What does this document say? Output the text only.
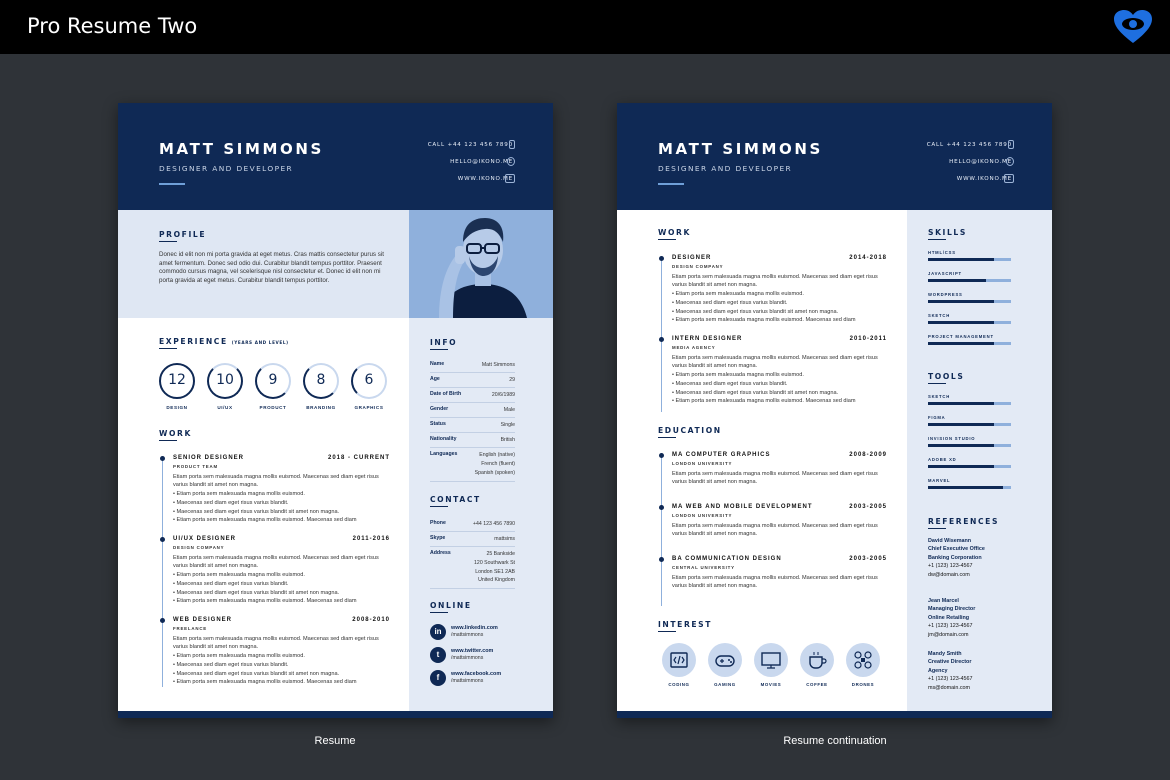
Pro Resume Two
MATT SIMMONS
DESIGNER AND DEVELOPER
CALL +44 123 456 7890
HELLO@IKONO.ME
WWW.IKONO.ME
PROFILE
Donec id elit non mi porta gravida at eget metus. Cras mattis consectetur purus sit amet fermentum. Donec sed odio dui. Curabitur blandit tempus porttitor. Praesent commodo cursus magna, vel scelerisque nisl consectetur et. Donec id elit non mi porta gravida at eget metus. Curabitur blandit tempus porttitor.
EXPERIENCE (YEARS AND LEVEL)
12
DESIGN
10
UI/UX
9
PRODUCT
8
BRANDING
6
GRAPHICS
WORK
SENIOR DESIGNER	2018 - CURRENT
PRODUCT TEAM
Etiam porta sem malesuada magna mollis euismod. Maecenas sed diam eget risus varius blandit sit amet non magna.
• Etiam porta sem malesuada magna mollis euismod.
• Maecenas sed diam eget risus varius blandit.
• Maecenas sed diam eget risus varius blandit sit amet non magna.
• Etiam porta sem malesuada magna mollis euismod. Maecenas sed diam
UI/UX DESIGNER	2011-2016
DESIGN COMPANY
Etiam porta sem malesuada magna mollis euismod. Maecenas sed diam eget risus varius blandit sit amet non magna.
• Etiam porta sem malesuada magna mollis euismod.
• Maecenas sed diam eget risus varius blandit.
• Maecenas sed diam eget risus varius blandit sit amet non magna.
• Etiam porta sem malesuada magna mollis euismod. Maecenas sed diam
WEB DESIGNER	2008-2010
FREELANCE
Etiam porta sem malesuada magna mollis euismod. Maecenas sed diam eget risus varius blandit sit amet non magna.
• Etiam porta sem malesuada magna mollis euismod.
• Maecenas sed diam eget risus varius blandit.
• Maecenas sed diam eget risus varius blandit sit amet non magna.
• Etiam porta sem malesuada magna mollis euismod. Maecenas sed diam
INFO
Name	Matt Simmons
Age	29
Date of Birth	20/6/1989
Gender	Male
Status	Single
Nationality	British
Languages	English (native)
French (fluent)
Spanish (spoken)
CONTACT
Phone	+44 123 456 7890
Skype	mattsims
Address	25 Bankside
120 Southwark St
London SE1 2AB
United Kingdom
ONLINE
in	www.linkedin.com
/mattsimmons
t	www.twitter.com
/mattsimmons
f	www.facebook.com
/mattsimmons
MATT SIMMONS
DESIGNER AND DEVELOPER
CALL +44 123 456 7890
HELLO@IKONO.ME
WWW.IKONO.ME
WORK
DESIGNER	2014-2018
DESIGN COMPANY
Etiam porta sem malesuada magna mollis euismod. Maecenas sed diam eget risus varius blandit sit amet non magna.
• Etiam porta sem malesuada magna mollis euismod.
• Maecenas sed diam eget risus varius blandit.
• Maecenas sed diam eget risus varius blandit sit amet non magna.
• Etiam porta sem malesuada magna mollis euismod. Maecenas sed diam
INTERN DESIGNER	2010-2011
MEDIA AGENCY
Etiam porta sem malesuada magna mollis euismod. Maecenas sed diam eget risus varius blandit sit amet non magna.
• Etiam porta sem malesuada magna mollis euismod.
• Maecenas sed diam eget risus varius blandit.
• Maecenas sed diam eget risus varius blandit sit amet non magna.
• Etiam porta sem malesuada magna mollis euismod. Maecenas sed diam
EDUCATION
MA COMPUTER GRAPHICS	2008-2009
LONDON UNIVERSITY
Etiam porta sem malesuada magna mollis euismod. Maecenas sed diam eget risus varius blandit sit amet non magna.
MA WEB AND MOBILE DEVELOPMENT	2003-2005
LONDON UNIVERSITY
Etiam porta sem malesuada magna mollis euismod. Maecenas sed diam eget risus varius blandit sit amet non magna.
BA COMMUNICATION DESIGN	2003-2005
CENTRAL UNIVERSITY
Etiam porta sem malesuada magna mollis euismod. Maecenas sed diam eget risus varius blandit sit amet non magna.
INTEREST
CODING	GAMING	MOVIES	COFFEE	DRONES
SKILLS
HTML/CSS
JAVASCRIPT
WORDPRESS
SKETCH
PROJECT MANAGEMENT
TOOLS
SKETCH
FIGMA
INVISION STUDIO
ADOBE XD
MARVEL
REFERENCES
David Wisemann
Chief Executive Office
Banking Corporation
+1 (123) 123-4567
dw@domain.com
Jean Marcel
Managing Director
Online Retailing
+1 (123) 123-4567
jm@domain.com
Mandy Smith
Creative Director
Agency
+1 (123) 123-4567
ms@domain.com
Resume	Resume continuation
